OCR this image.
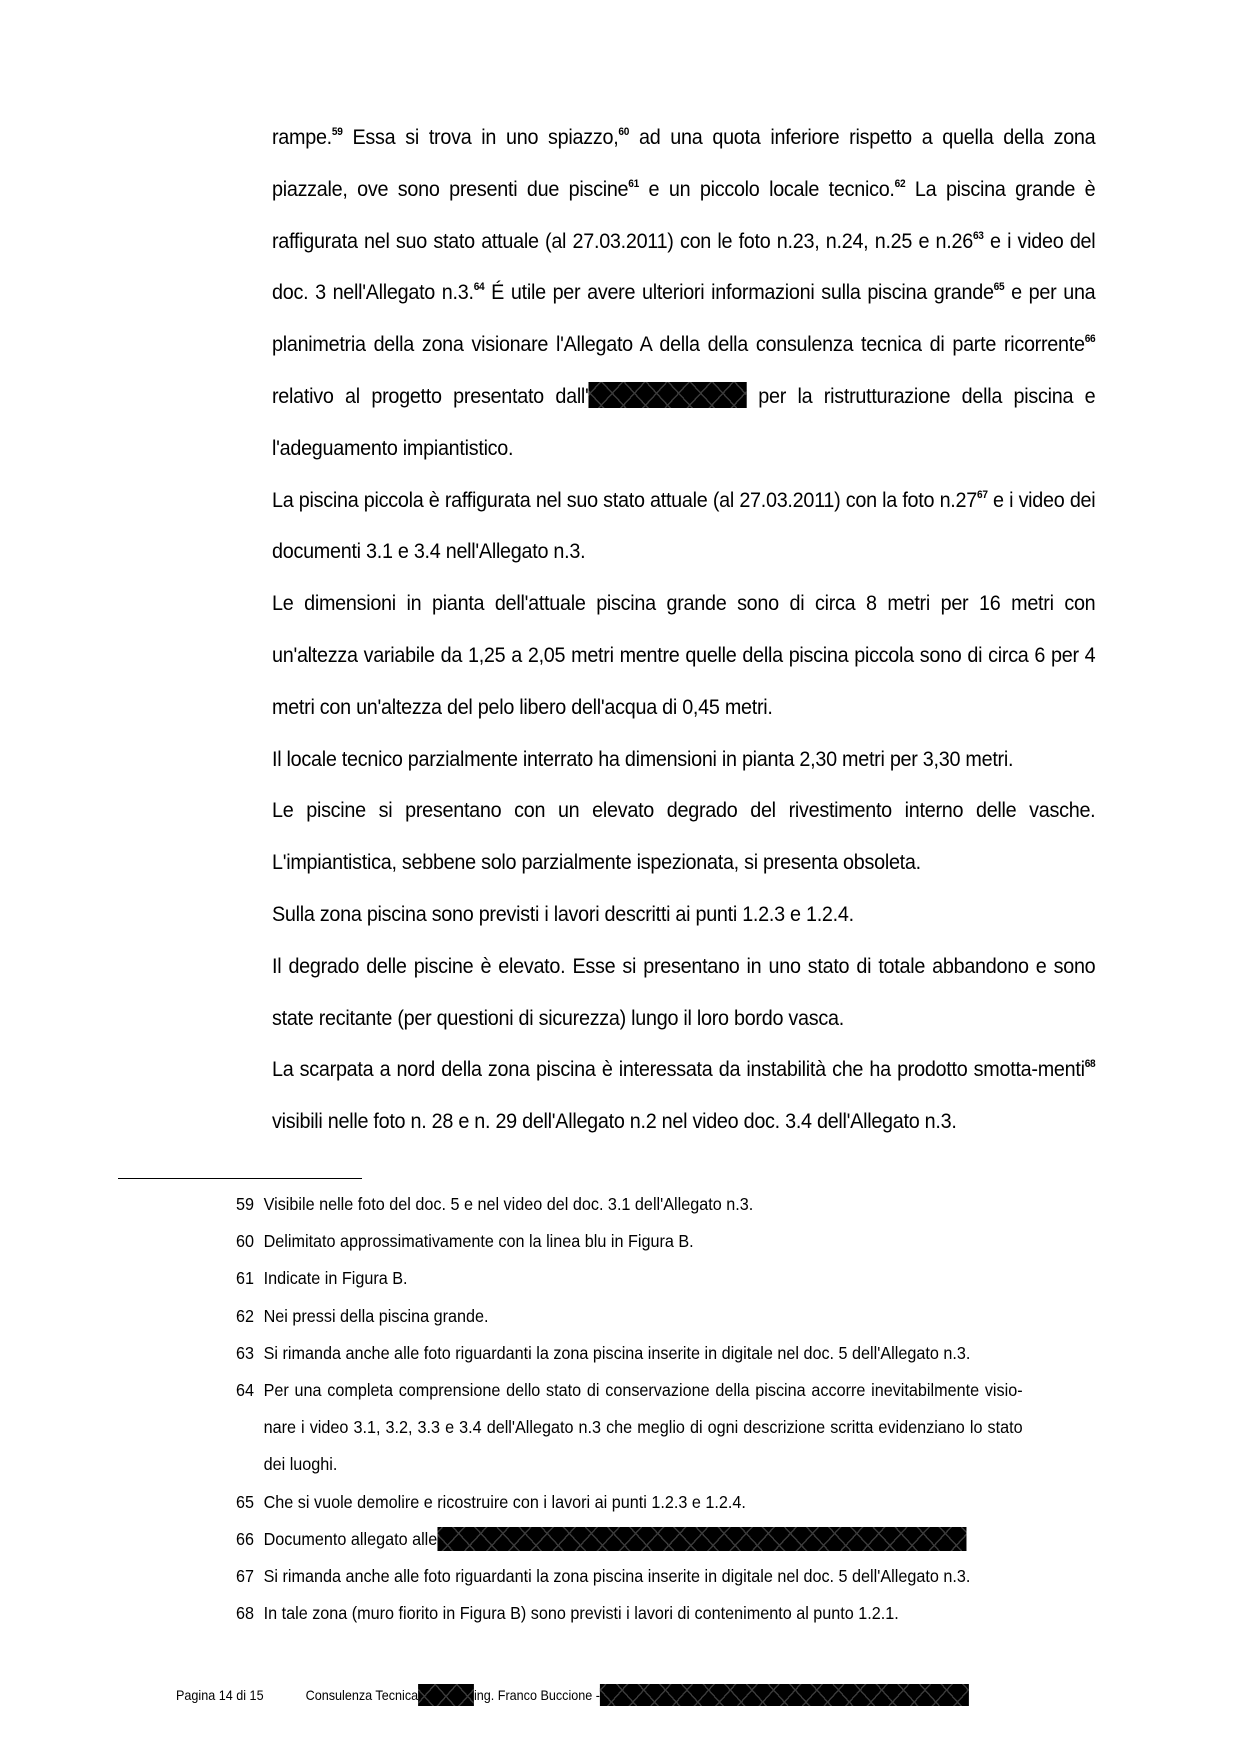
rampe.$^{59}$ Essa si trova in uno spiazzo,$^{60}$ ad una quota inferiore rispetto a quella della zona piazzale, ove sono presenti due piscine$^{61}$ e un piccolo locale tecnico.$^{62}$ La piscina grande è raffigurata nel suo stato attuale (al 27.03.2011) con le foto n.23, n.24, n.25 e n.26$^{63}$ e i video del doc. 3 nell'Allegato n.3.64 É utile per avere ulteriori informazioni sulla piscina grande$^{65}$ e per una planimetria della zona visionare l'Allegato A della della consulenza tecnica di parte ricorrente$^{66}$ relativo al progetto presentato dall'	per la ristrutturazione della piscina e l'adeguamento impiantistico.

La piscina piccola è raffigurata nel suo stato attuale (al 27.03.2011) con la foto n.27$^{67}$ e i video dei documenti 3.1 e 3.4 nell'Allegato n.3.

Le dimensioni in pianta dell'attuale piscina grande sono di circa 8 metri per 16 metri con un'altezza variabile da 1,25 a 2,05 metri mentre quelle della piscina piccola sono di circa 6 per 4 metri con un'altezza del pelo libero dell'acqua di 0,45 metri.

Il locale tecnico parzialmente interrato ha dimensioni in pianta 2,30 metri per 3,30 metri.

Le piscine si presentano con un elevato degrado del rivestimento interno delle vasche. L'impiantistica, sebbene solo parzialmente ispezionata, si presenta obsoleta.

Sulla zona piscina sono previsti i lavori descritti ai punti 1.2.3 e 1.2.4.

Il degrado delle piscine è elevato. Esse si presentano in uno stato di totale abbandono e sono state recitante (per questioni di sicurezza) lungo il loro bordo vasca.

La scarpata a nord della zona piscina è interessata da instabilità che ha prodotto smotta-menti$^{68}$ visibili nelle foto n. 28 e n. 29 dell'Allegato n.2 nel video doc. 3.4 dell'Allegato n.3.

59 Visibile nelle foto del doc. 5 e nel video del doc. 3.1 dell'Allegato n.3.
60 Delimitato approssimativamente con la linea blu in Figura B.
61 Indicate in Figura B.
62 Nei pressi della piscina grande.
63 Si rimanda anche alle foto riguardanti la zona piscina inserite in digitale nel doc. 5 dell'Allegato n.3.
64 Per una completa comprensione dello stato di conservazione della piscina accorre inevitabilmente visio-nare i video 3.1, 3.2, 3.3 e 3.4 dell'Allegato n.3 che meglio di ogni descrizione scritta evidenziano lo stato dei luoghi.
65 Che si vuole demolire e ricostruire con i lavori ai punti 1.2.3 e 1.2.4.
66 Documento allegato alle
67 Si rimanda anche alle foto riguardanti la zona piscina inserite in digitale nel doc. 5 dell'Allegato n.3.
68 In tale zona (muro fiorito in Figura B) sono previsti i lavori di contenimento al punto 1.2.1.
Pagina 14 di 15	Consulenza Tecnica	ing. Franco Buccione -
